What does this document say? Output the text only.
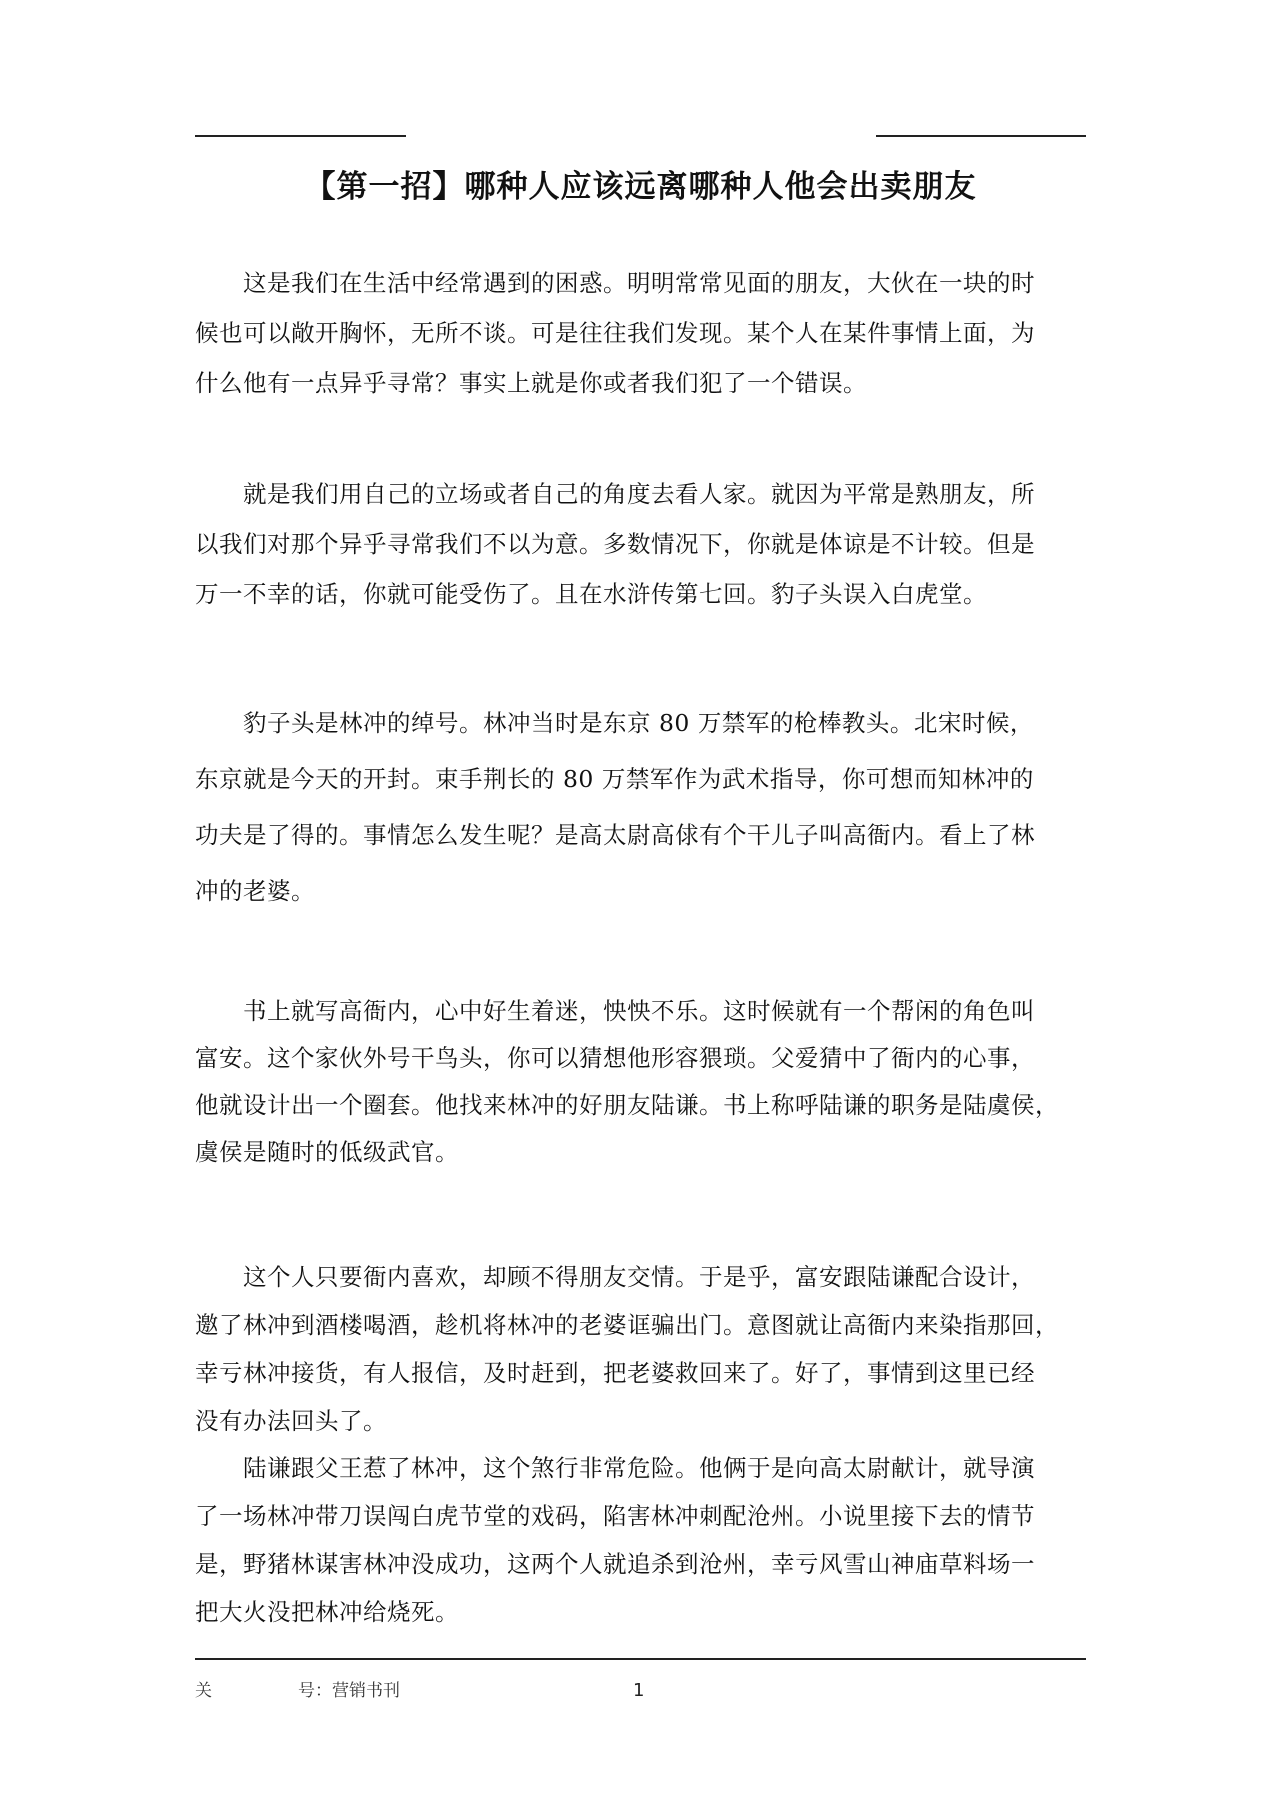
【第一招】哪种人应该远离哪种人他会出卖朋友
　　这是我们在生活中经常遇到的困惑。明明常常见面的朋友，大伙在一块的时
候也可以敞开胸怀，无所不谈。可是往往我们发现。某个人在某件事情上面，为
什么他有一点异乎寻常？事实上就是你或者我们犯了一个错误。
　　就是我们用自己的立场或者自己的角度去看人家。就因为平常是熟朋友，所
以我们对那个异乎寻常我们不以为意。多数情况下，你就是体谅是不计较。但是
万一不幸的话，你就可能受伤了。且在水浒传第七回。豹子头误入白虎堂。
　　豹子头是林冲的绰号。林冲当时是东京 80 万禁军的枪棒教头。北宋时候，
东京就是今天的开封。束手荆长的 80 万禁军作为武术指导，你可想而知林冲的
功夫是了得的。事情怎么发生呢？是高太尉高俅有个干儿子叫高衙内。看上了林
冲的老婆。
　　书上就写高衙内，心中好生着迷，怏怏不乐。这时候就有一个帮闲的角色叫
富安。这个家伙外号干鸟头，你可以猜想他形容猥琐。父爱猜中了衙内的心事，
他就设计出一个圈套。他找来林冲的好朋友陆谦。书上称呼陆谦的职务是陆虞侯，
虞侯是随时的低级武官。
　　这个人只要衙内喜欢，却顾不得朋友交情。于是乎，富安跟陆谦配合设计，
邀了林冲到酒楼喝酒，趁机将林冲的老婆诓骗出门。意图就让高衙内来染指那回，
幸亏林冲接货，有人报信，及时赶到，把老婆救回来了。好了，事情到这里已经
没有办法回头了。
　　陆谦跟父王惹了林冲，这个煞行非常危险。他俩于是向高太尉献计，就导演
了一场林冲带刀误闯白虎节堂的戏码，陷害林冲刺配沧州。小说里接下去的情节
是，野猪林谋害林冲没成功，这两个人就追杀到沧州，幸亏风雪山神庙草料场一
把大火没把林冲给烧死。
关	号：营销书刊	1
